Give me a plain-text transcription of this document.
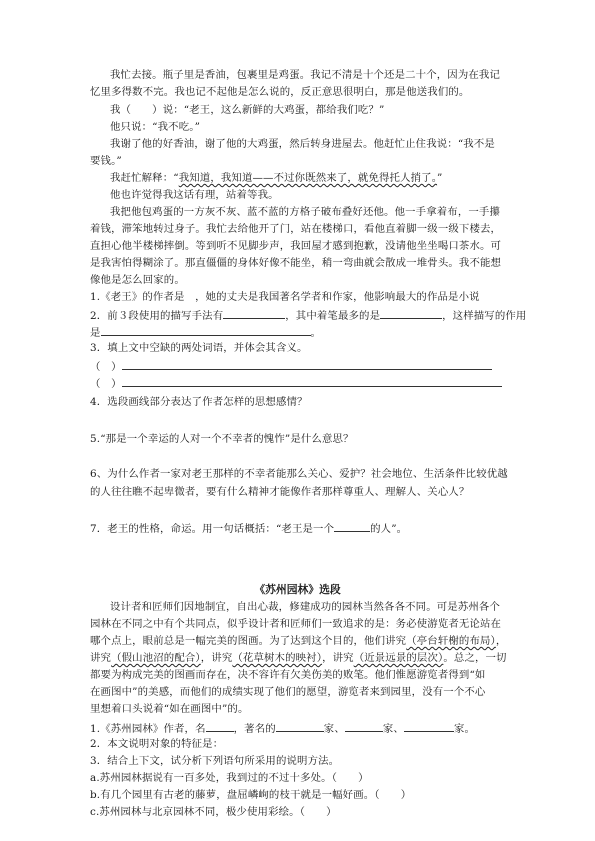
我忙去接。瓶子里是香油，包裹里是鸡蛋。我记不清是十个还是二十个，因为在我记
忆里多得数不完。我也记不起他是怎么说的，反正意思很明白，那是他送我们的。
我（　　）说：“老王，这么新鲜的大鸡蛋，都给我们吃？”
他只说：“我不吃。”
我谢了他的好香油，谢了他的大鸡蛋，然后转身进屋去。他赶忙止住我说：“我不是
要钱。”
我赶忙解释：“我知道，我知道——不过你既然来了，就免得托人捎了。”
他也许觉得我这话有理，站着等我。
我把他包鸡蛋的一方灰不灰、蓝不蓝的方格子破布叠好还他。他一手拿着布，一手攥
着钱，滞笨地转过身子。我忙去给他开了门，站在楼梯口，看他直着脚一级一级下楼去，
直担心他半楼梯摔倒。等到听不见脚步声，我回屋才感到抱歉，没请他坐坐喝口茶水。可
是我害怕得糊涂了。那直僵僵的身体好像不能坐，稍一弯曲就会散成一堆骨头。我不能想
像他是怎么回家的。
1.《老王》的作者是　，她的丈夫是我国著名学者和作家，他影响最大的作品是小说
2．前３段使用的描写手法有	，其中着笔最多的是	，这样描写的作用
是	。
3．填上文中空缺的两处词语，并体会其含义。
（　）
（　）
4．选段画线部分表达了作者怎样的思想感情？
5.“那是一个幸运的人对一个不幸者的愧怍”是什么意思？
6、为什么作者一家对老王那样的不幸者能那么关心、爱护？社会地位、生活条件比较优越
的人往往瞧不起卑微者，要有什么精神才能像作者那样尊重人、理解人、关心人？
7．老王的性格，命运。用一句话概括：“老王是一个	的人”。
《苏州园林》选段
设计者和匠师们因地制宜，自出心裁，修建成功的园林当然各各不同。可是苏州各个
园林在不同之中有个共同点，似乎设计者和匠师们一致追求的是：务必使游览者无论站在
哪个点上，眼前总是一幅完美的图画。为了达到这个目的，他们讲究（亭台轩榭的布局），
讲究（假山池沼的配合），讲究（花草树木的映衬），讲究（近景远景的层次）。总之，一切
都要为构成完美的图画而存在，决不容许有欠美伤美的败笔。他们惟愿游览者得到“如
在画图中”的美感，而他们的成绩实现了他们的愿望，游览者来到园里，没有一个不心
里想着口头说着“如在画图中”的。
1.《苏州园林》作者，名	，著名的	家、	家、	家。
2．本文说明对象的特征是：
3．结合上下文，试分析下列语句所采用的说明方法。
a.苏州园林据说有一百多处，我到过的不过十多处。（　　）
b.有几个园里有古老的藤萝，盘屈嶙峋的枝干就是一幅好画。（　　）
c.苏州园林与北京园林不同，极少使用彩绘。（　　）
